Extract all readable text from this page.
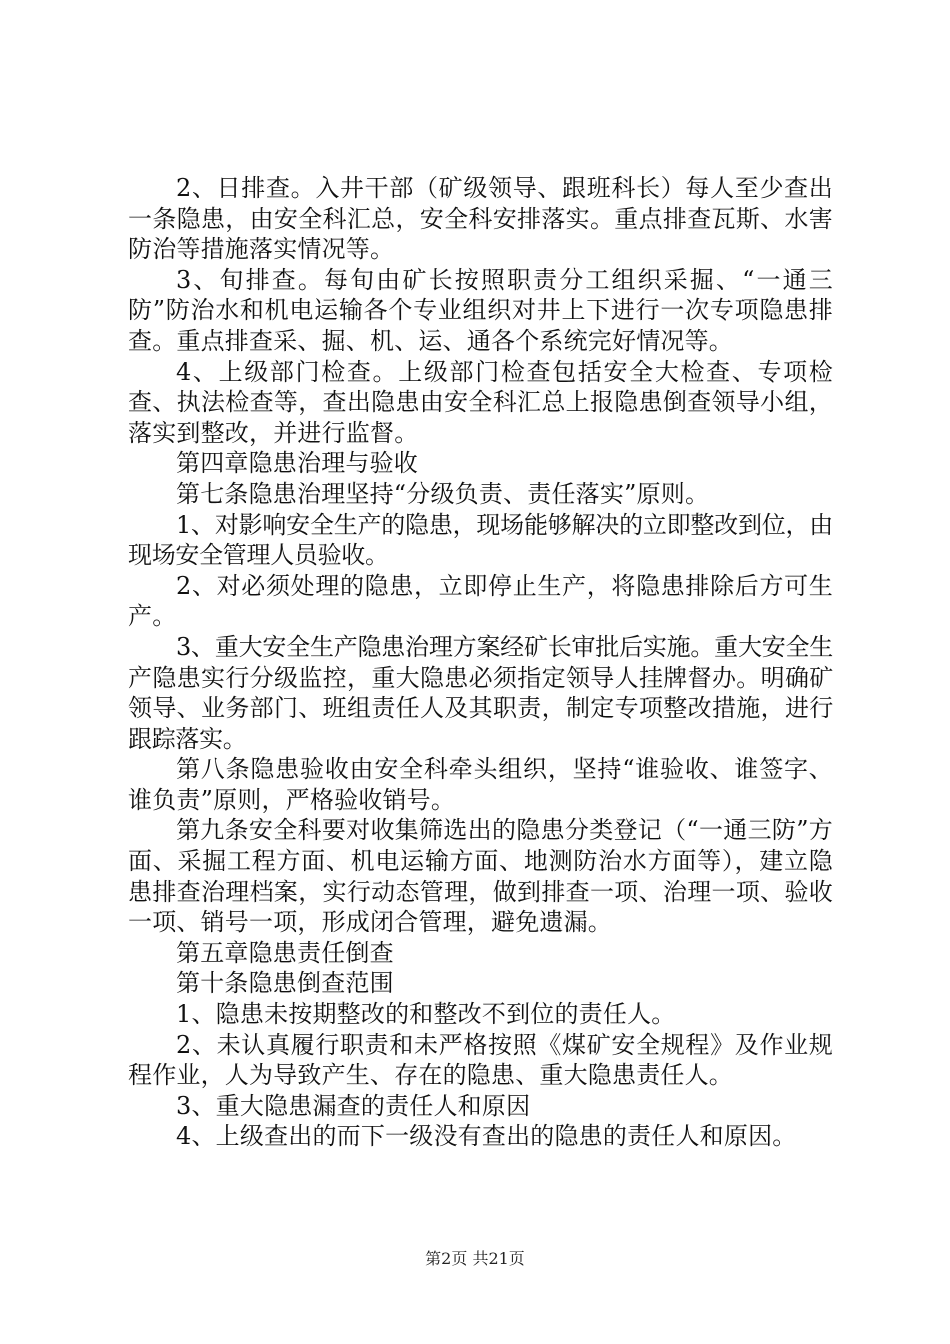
2、日排查。入井干部（矿级领导、跟班科长）每人至少查出一条隐患，由安全科汇总，安全科安排落实。重点排查瓦斯、水害防治等措施落实情况等。

3、旬排查。每旬由矿长按照职责分工组织采掘、“一通三防”防治水和机电运输各个专业组织对井上下进行一次专项隐患排查。重点排查采、掘、机、运、通各个系统完好情况等。

4、上级部门检查。上级部门检查包括安全大检查、专项检查、执法检查等，查出隐患由安全科汇总上报隐患倒查领导小组，落实到整改，并进行监督。

第四章隐患治理与验收

第七条隐患治理坚持“分级负责、责任落实”原则。

1、对影响安全生产的隐患，现场能够解决的立即整改到位，由现场安全管理人员验收。

2、对必须处理的隐患，立即停止生产，将隐患排除后方可生产。

3、重大安全生产隐患治理方案经矿长审批后实施。重大安全生产隐患实行分级监控，重大隐患必须指定领导人挂牌督办。明确矿领导、业务部门、班组责任人及其职责，制定专项整改措施，进行跟踪落实。

第八条隐患验收由安全科牵头组织，坚持“谁验收、谁签字、谁负责”原则，严格验收销号。

第九条安全科要对收集筛选出的隐患分类登记（“一通三防”方面、采掘工程方面、机电运输方面、地测防治水方面等），建立隐患排查治理档案，实行动态管理，做到排查一项、治理一项、验收一项、销号一项，形成闭合管理，避免遗漏。

第五章隐患责任倒查

第十条隐患倒查范围

1、隐患未按期整改的和整改不到位的责任人。

2、未认真履行职责和未严格按照《煤矿安全规程》及作业规程作业，人为导致产生、存在的隐患、重大隐患责任人。

3、重大隐患漏查的责任人和原因

4、上级查出的而下一级没有查出的隐患的责任人和原因。

第2页 共21页
